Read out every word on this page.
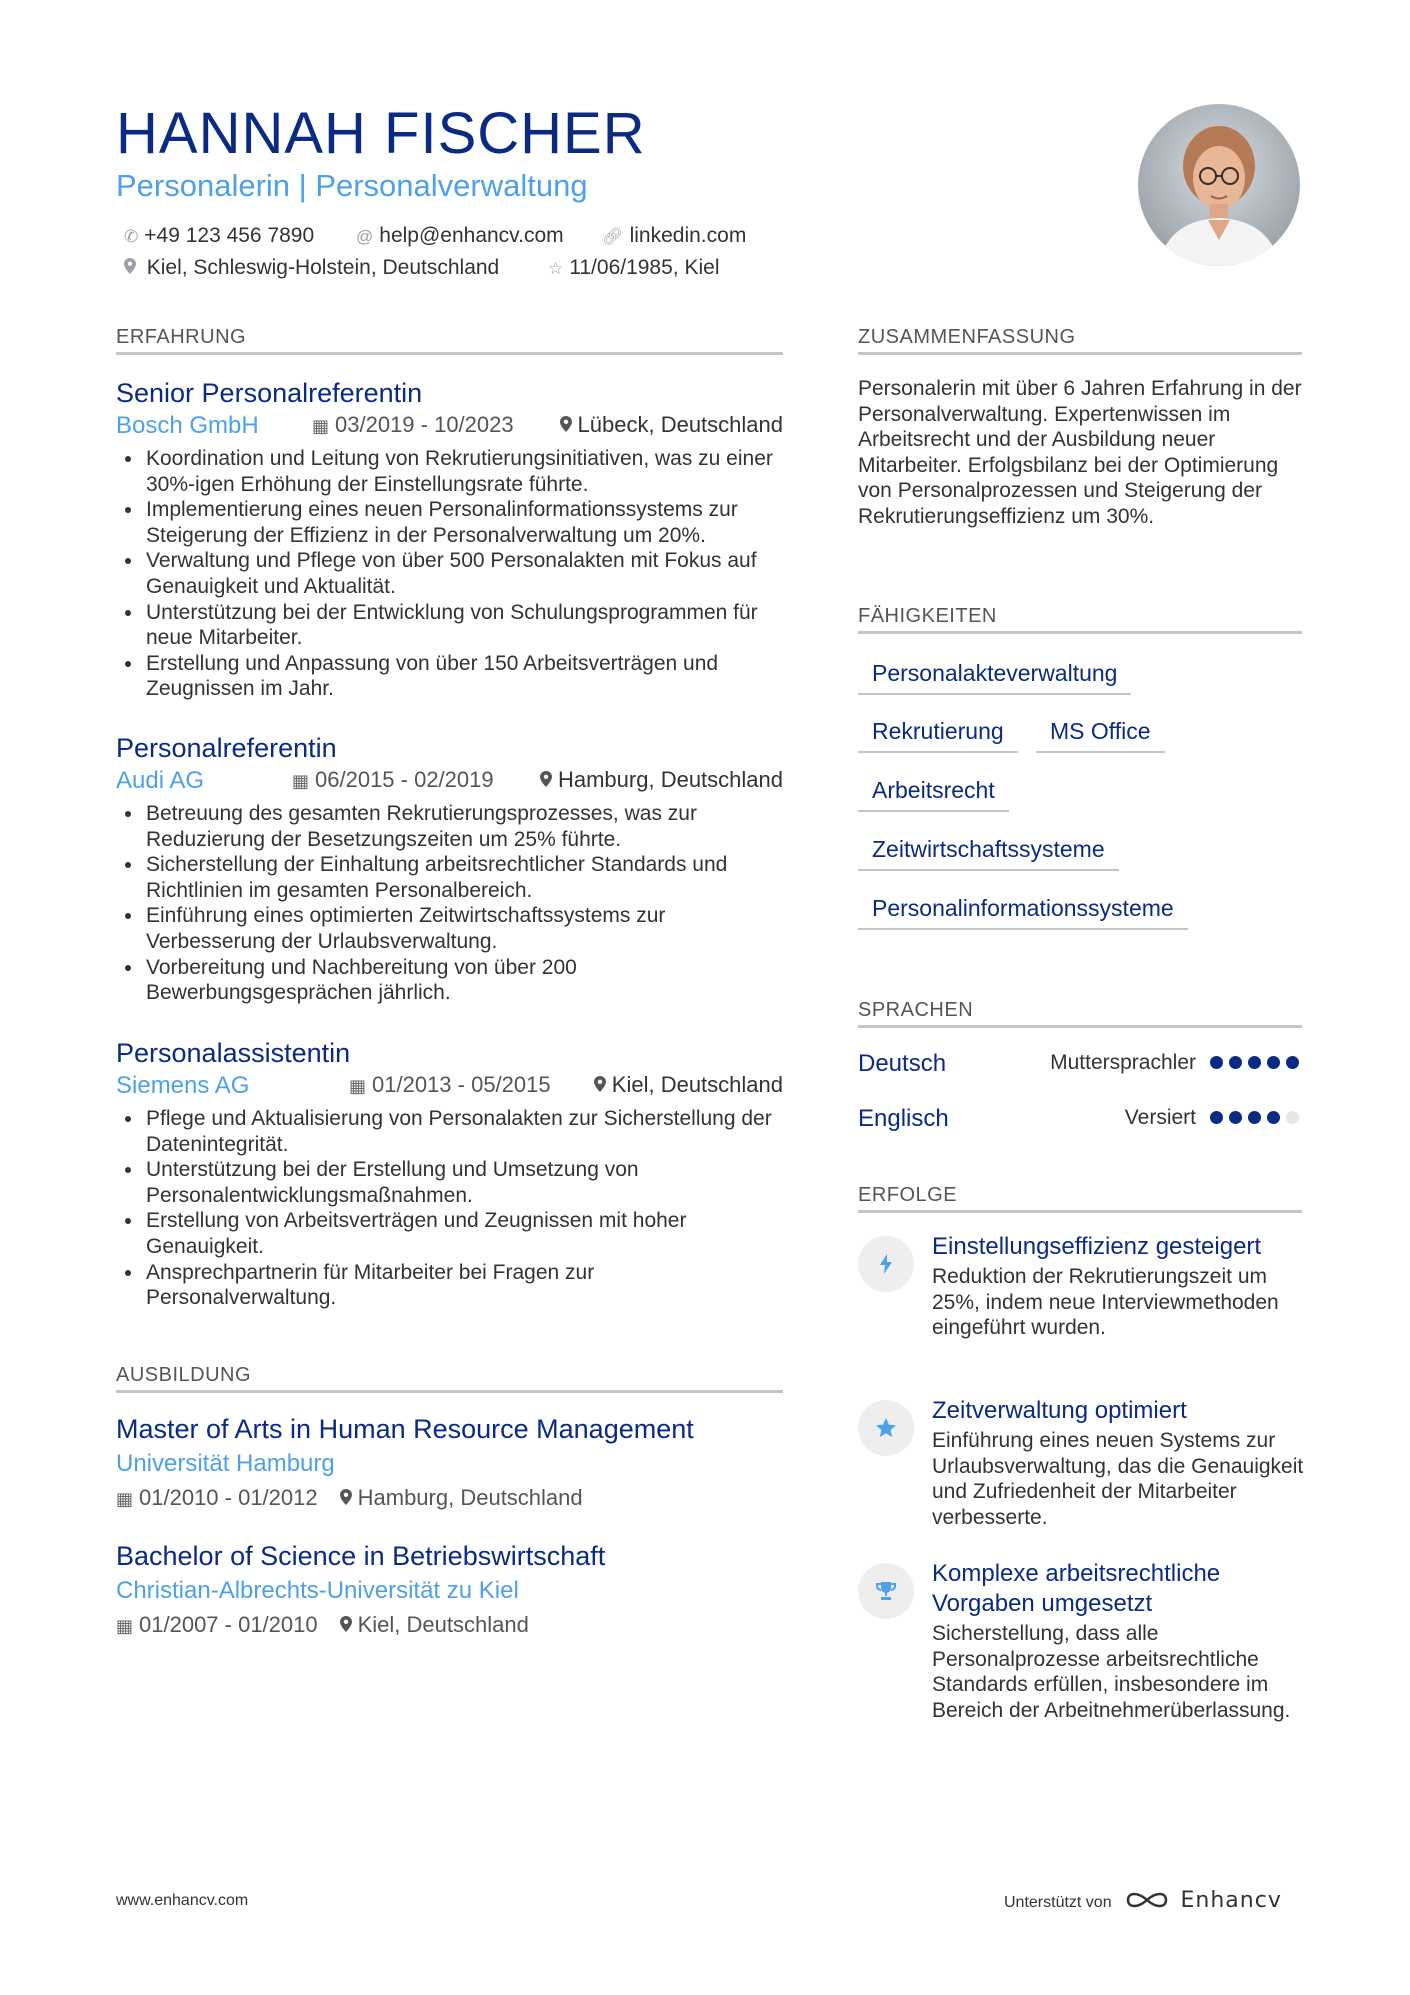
HANNAH FISCHER
Personalerin | Personalverwaltung
✆ +49 123 456 7890 @ help@enhancv.com 🔗︎ linkedin.com
Kiel, Schleswig-Holstein, Deutschland	☆ 11/06/1985, Kiel
ERFAHRUNG
Senior Personalreferentin
Bosch GmbH	▦ 03/2019 - 10/2023	Lübeck, Deutschland
• Koordination und Leitung von Rekrutierungsinitiativen, was zu einer 30%-igen Erhöhung der Einstellungsrate führte.
• Implementierung eines neuen Personalinformationssystems zur Steigerung der Effizienz in der Personalverwaltung um 20%.
• Verwaltung und Pflege von über 500 Personalakten mit Fokus auf Genauigkeit und Aktualität.
• Unterstützung bei der Entwicklung von Schulungsprogrammen für neue Mitarbeiter.
• Erstellung und Anpassung von über 150 Arbeitsverträgen und Zeugnissen im Jahr.
Personalreferentin
Audi AG	▦ 06/2015 - 02/2019	Hamburg, Deutschland
• Betreuung des gesamten Rekrutierungsprozesses, was zur Reduzierung der Besetzungszeiten um 25% führte.
• Sicherstellung der Einhaltung arbeitsrechtlicher Standards und Richtlinien im gesamten Personalbereich.
• Einführung eines optimierten Zeitwirtschaftssystems zur Verbesserung der Urlaubsverwaltung.
• Vorbereitung und Nachbereitung von über 200 Bewerbungsgesprächen jährlich.
Personalassistentin
Siemens AG	▦ 01/2013 - 05/2015	Kiel, Deutschland
• Pflege und Aktualisierung von Personalakten zur Sicherstellung der Datenintegrität.
• Unterstützung bei der Erstellung und Umsetzung von Personalentwicklungsmaßnahmen.
• Erstellung von Arbeitsverträgen und Zeugnissen mit hoher Genauigkeit.
• Ansprechpartnerin für Mitarbeiter bei Fragen zur Personalverwaltung.
AUSBILDUNG
Master of Arts in Human Resource Management
Universität Hamburg
▦ 01/2010 - 01/2012 Hamburg, Deutschland
Bachelor of Science in Betriebswirtschaft
Christian-Albrechts-Universität zu Kiel
▦ 01/2007 - 01/2010 Kiel, Deutschland
ZUSAMMENFASSUNG
Personalerin mit über 6 Jahren Erfahrung in der Personalverwaltung. Expertenwissen im Arbeitsrecht und der Ausbildung neuer Mitarbeiter. Erfolgsbilanz bei der Optimierung von Personalprozessen und Steigerung der Rekrutierungseffizienz um 30%.
FÄHIGKEITEN
Personalakteverwaltung
Rekrutierung	MS Office
Arbeitsrecht
Zeitwirtschaftssysteme
Personalinformationssysteme
SPRACHEN
Deutsch	Muttersprachler
Englisch	Versiert
ERFOLGE
Einstellungseffizienz gesteigert
Reduktion der Rekrutierungszeit um 25%, indem neue Interviewmethoden eingeführt wurden.
Zeitverwaltung optimiert
Einführung eines neuen Systems zur Urlaubsverwaltung, das die Genauigkeit und Zufriedenheit der Mitarbeiter verbesserte.
Komplexe arbeitsrechtliche Vorgaben umgesetzt
Sicherstellung, dass alle Personalprozesse arbeitsrechtliche Standards erfüllen, insbesondere im Bereich der Arbeitnehmerüberlassung.
www.enhancv.com	Unterstützt von	Enhancv
